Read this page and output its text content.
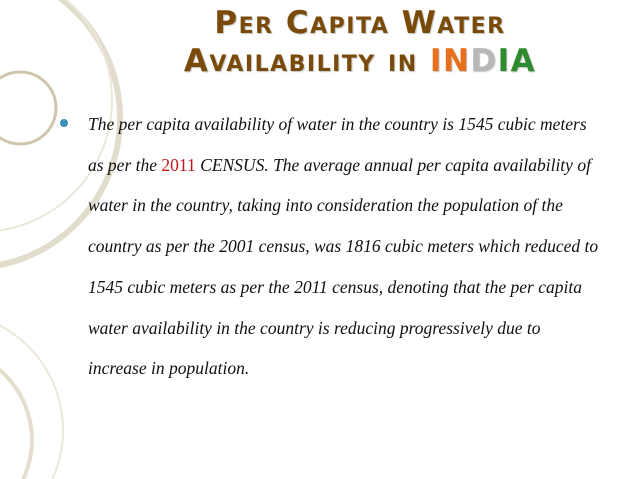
Per Capita Water
Availability in INDIA
The per capita availability of water in the country is 1545 cubic meters as per the 2011 CENSUS. The average annual per capita availability of water in the country, taking into consideration the population of the country as per the 2001 census, was 1816 cubic meters which reduced to 1545 cubic meters as per the 2011 census, denoting that the per capita water availability in the country is reducing progressively due to increase in population.
